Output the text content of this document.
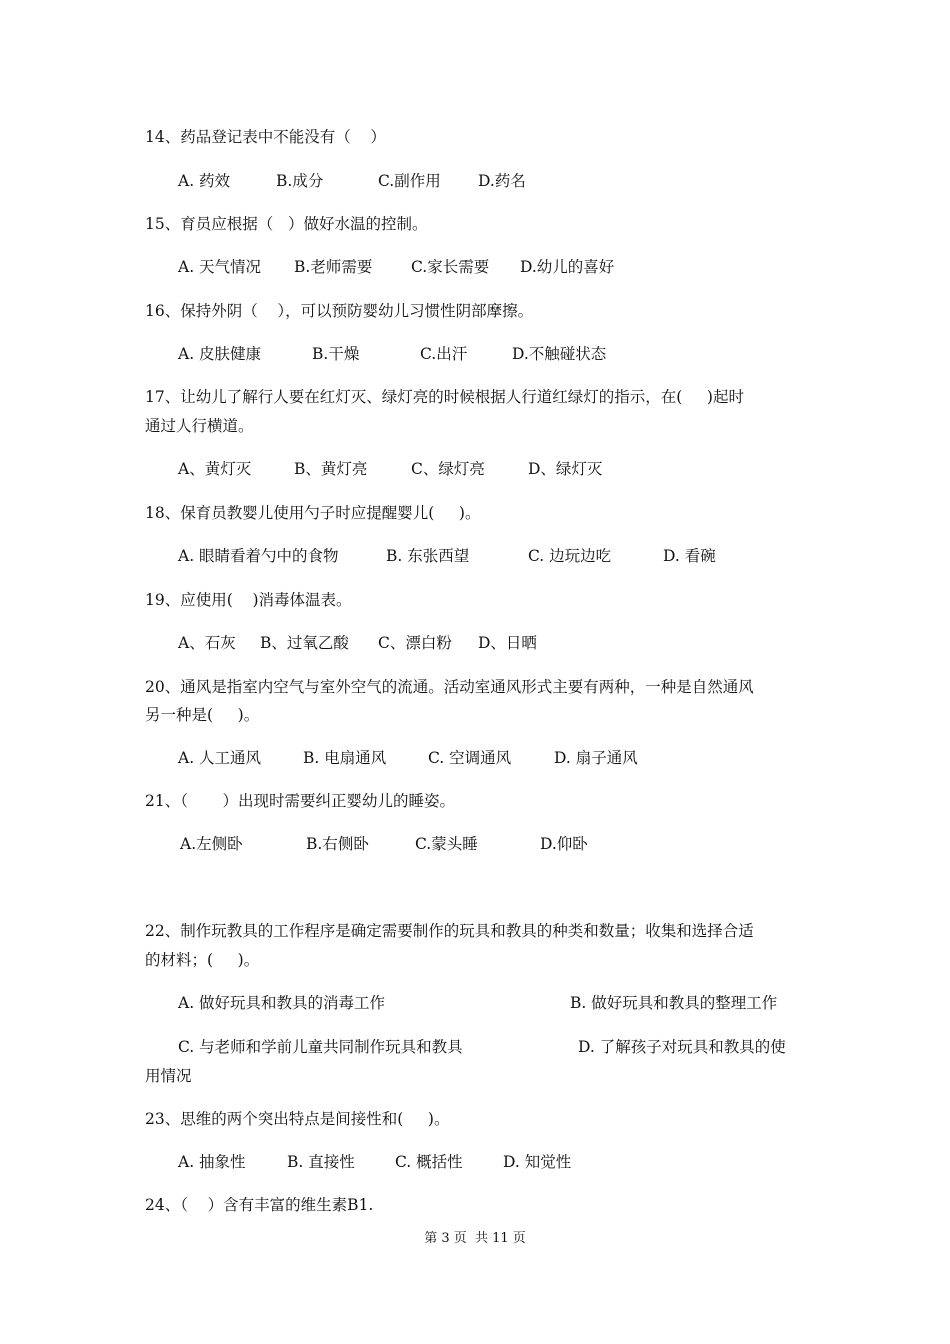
14、药品登记表中不能没有（    ）
A. 药效	B.成分	C.副作用 D.药名
15、育员应根据（   ）做好水温的控制。
A. 天气情况 B.老师需要 C.家长需要 D.幼儿的喜好
16、保持外阴（    ），可以预防婴幼儿习惯性阴部摩擦。
A. 皮肤健康	B.干燥	C.出汗	D.不触碰状态
17、让幼儿了解行人要在红灯灭、绿灯亮的时候根据人行道红绿灯的指示，在(     )起时
通过人行横道。
A、黄灯灭	B、黄灯亮	C、绿灯亮	D、绿灯灭
18、保育员教婴儿使用勺子时应提醒婴儿(     )。
A. 眼睛看着勺中的食物	B. 东张西望	C. 边玩边吃	D. 看碗
19、应使用(    )消毒体温表。
A、石灰 B、过氧乙酸 C、漂白粉 D、日晒
20、通风是指室内空气与室外空气的流通。活动室通风形式主要有两种，一种是自然通风
另一种是(     )。
A. 人工通风	B. 电扇通风	C. 空调通风	D. 扇子通风
21、（       ）出现时需要纠正婴幼儿的睡姿。
A.左侧卧	B.右侧卧	C.蒙头睡	D.仰卧
22、制作玩教具的工作程序是确定需要制作的玩具和教具的种类和数量；收集和选择合适
的材料；(     )。
A. 做好玩具和教具的消毒工作	B. 做好玩具和教具的整理工作
C. 与老师和学前儿童共同制作玩具和教具	D. 了解孩子对玩具和教具的使
用情况
23、思维的两个突出特点是间接性和(     )。
A. 抽象性	B. 直接性	C. 概括性	D. 知觉性
24、（    ）含有丰富的维生素B1.
第 3 页  共 11 页
